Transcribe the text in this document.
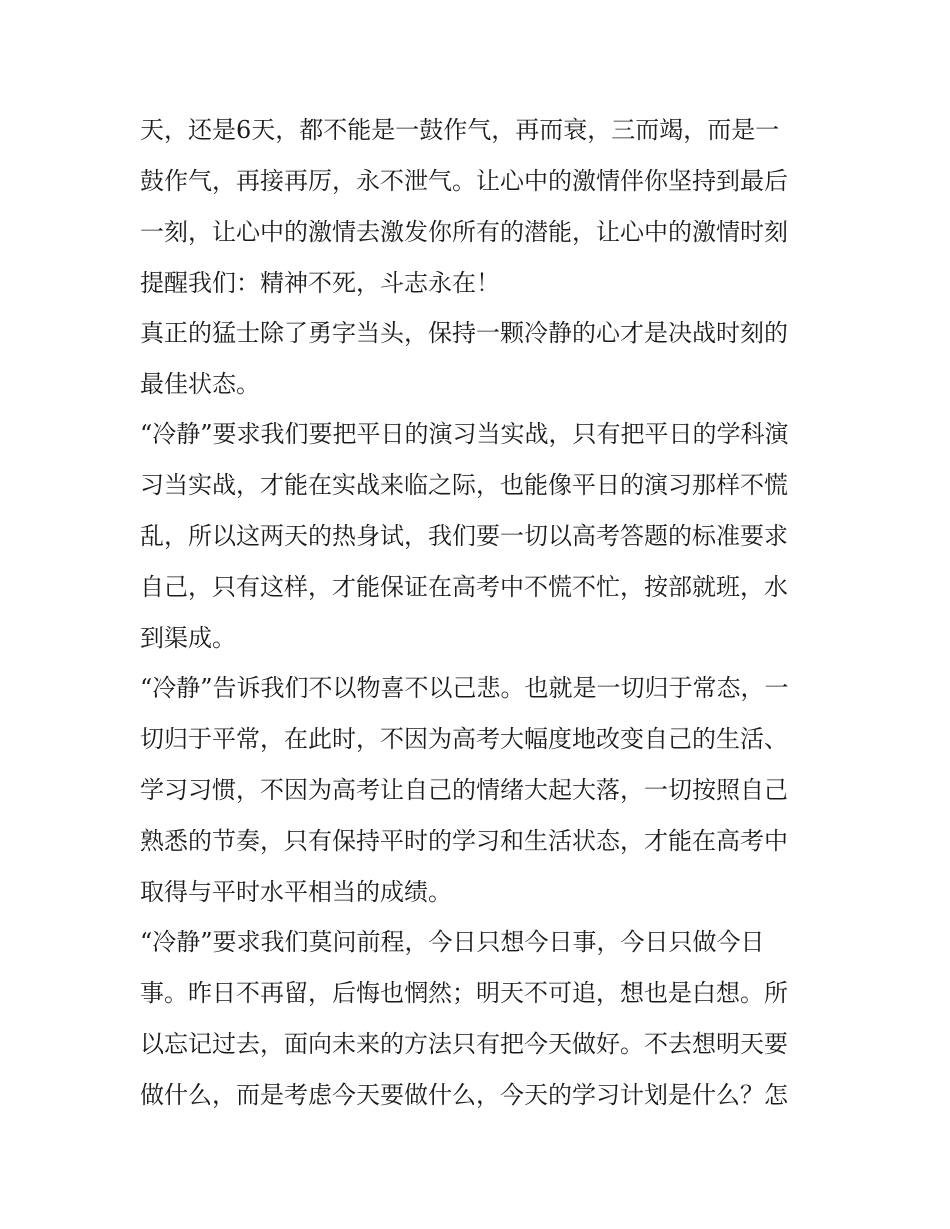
天，还是6天，都不能是一鼓作气，再而衰，三而竭，而是一
鼓作气，再接再厉，永不泄气。让心中的激情伴你坚持到最后
一刻，让心中的激情去激发你所有的潜能，让心中的激情时刻
提醒我们：精神不死，斗志永在！
真正的猛士除了勇字当头，保持一颗冷静的心才是决战时刻的
最佳状态。
“冷静”要求我们要把平日的演习当实战，只有把平日的学科演
习当实战，才能在实战来临之际，也能像平日的演习那样不慌
乱，所以这两天的热身试，我们要一切以高考答题的标准要求
自己，只有这样，才能保证在高考中不慌不忙，按部就班，水
到渠成。
“冷静”告诉我们不以物喜不以己悲。也就是一切归于常态，一
切归于平常，在此时，不因为高考大幅度地改变自己的生活、
学习习惯，不因为高考让自己的情绪大起大落，一切按照自己
熟悉的节奏，只有保持平时的学习和生活状态，才能在高考中
取得与平时水平相当的成绩。
“冷静”要求我们莫问前程，今日只想今日事，今日只做今日
事。昨日不再留，后悔也惘然；明天不可追，想也是白想。所
以忘记过去，面向未来的方法只有把今天做好。不去想明天要
做什么，而是考虑今天要做什么，今天的学习计划是什么？怎
